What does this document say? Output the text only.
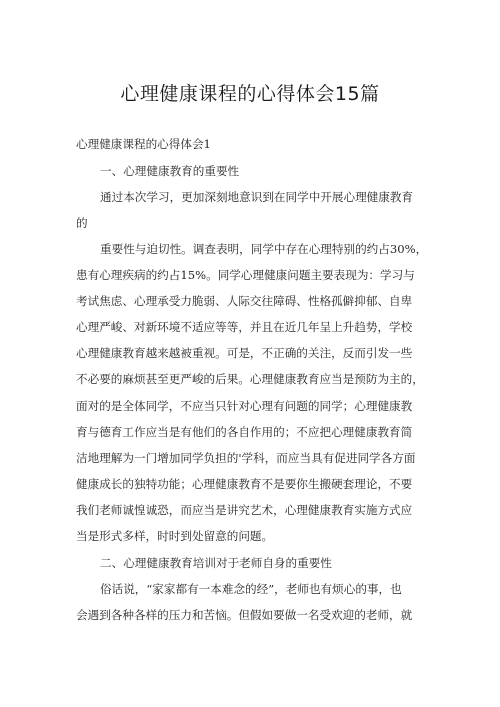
心理健康课程的心得体会15篇
心理健康课程的心得体会1
一、心理健康教育的重要性
通过本次学习，更加深刻地意识到在同学中开展心理健康教育
的
重要性与迫切性。调查表明，同学中存在心理特别的约占30%，
患有心理疾病的约占15%。同学心理健康问题主要表现为：学习与
考试焦虑、心理承受力脆弱、人际交往障碍、性格孤僻抑郁、自卑
心理严峻、对新环境不适应等等，并且在近几年呈上升趋势，学校
心理健康教育越来越被重视。可是，不正确的关注，反而引发一些
不必要的麻烦甚至更严峻的后果。心理健康教育应当是预防为主的，
面对的是全体同学，不应当只针对心理有问题的同学；心理健康教
育与德育工作应当是有他们的各自作用的；不应把心理健康教育简
洁地理解为一门增加同学负担的'学科，而应当具有促进同学各方面
健康成长的独特功能；心理健康教育不是要你生搬硬套理论，不要
我们老师诚惶诚恐，而应当是讲究艺术，心理健康教育实施方式应
当是形式多样，时时到处留意的问题。
二、心理健康教育培训对于老师自身的重要性
俗话说，“家家都有一本难念的经”，老师也有烦心的事，也
会遇到各种各样的压力和苦恼。但假如要做一名受欢迎的老师，就
